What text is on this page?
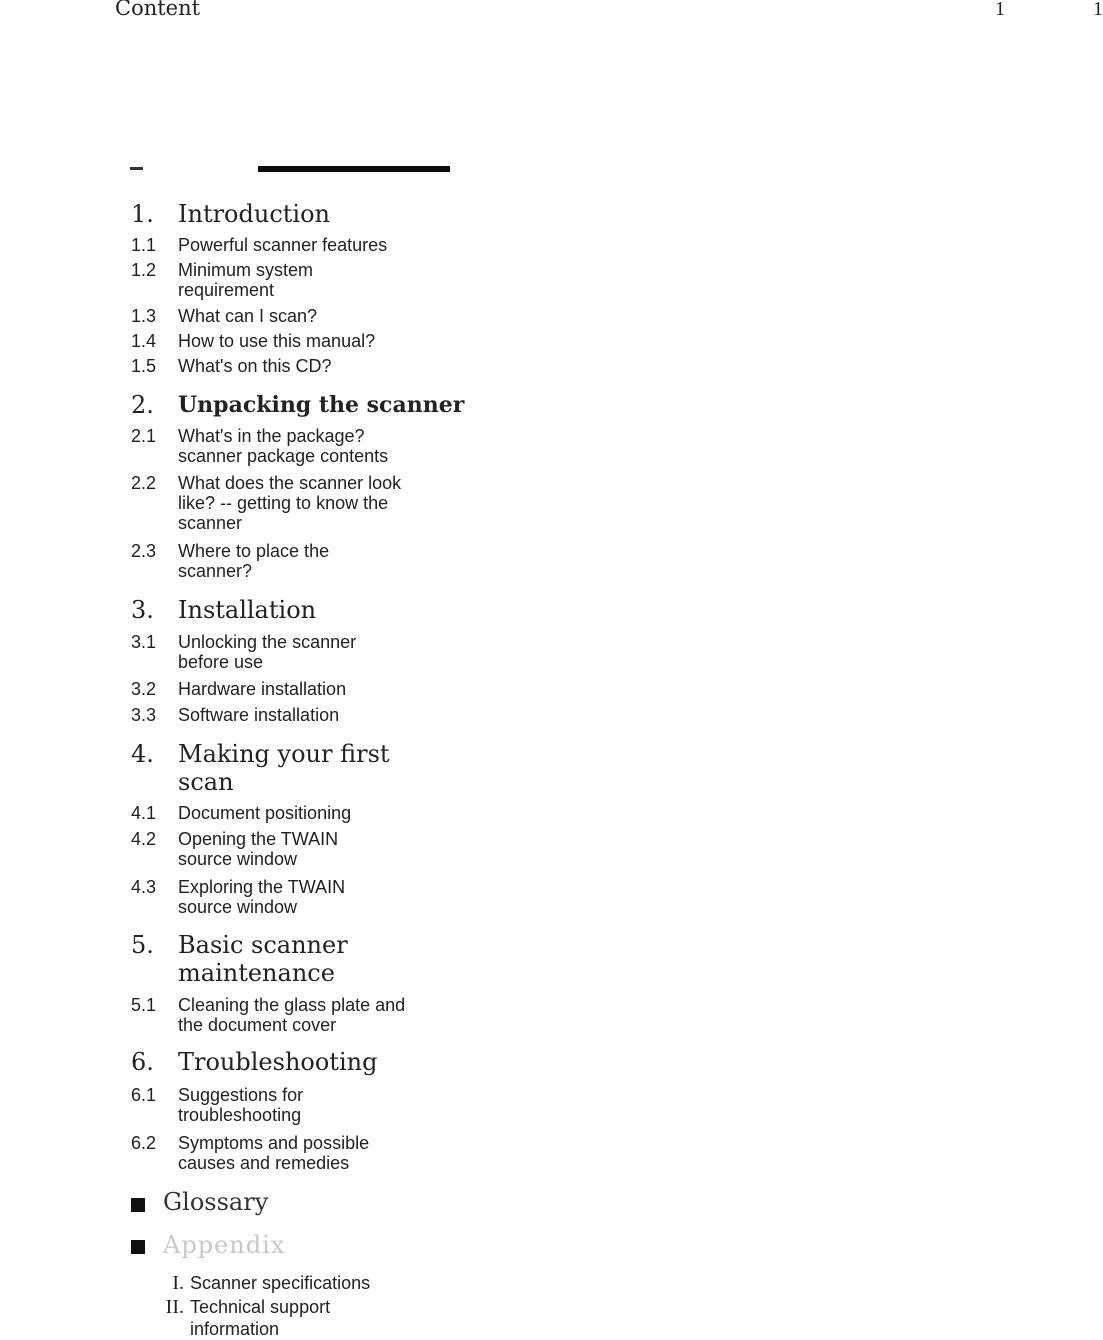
Content	1	1
1. Introduction
1.1 Powerful scanner features
1.2 Minimum system requirement
1.3 What can I scan?
1.4 How to use this manual?
1.5 What's on this CD?
2. Unpacking the scanner
2.1 What's in the package? scanner package contents
2.2 What does the scanner look like? -- getting to know the scanner
2.3 Where to place the scanner?
3. Installation
3.1 Unlocking the scanner before use
3.2 Hardware installation
3.3 Software installation
4. Making your first scan
4.1 Document positioning
4.2 Opening the TWAIN source window
4.3 Exploring the TWAIN source window
5. Basic scanner maintenance
5.1 Cleaning the glass plate and the document cover
6. Troubleshooting
6.1 Suggestions for troubleshooting
6.2 Symptoms and possible causes and remedies
Glossary
Appendix
I. Scanner specifications
II. Technical support information
